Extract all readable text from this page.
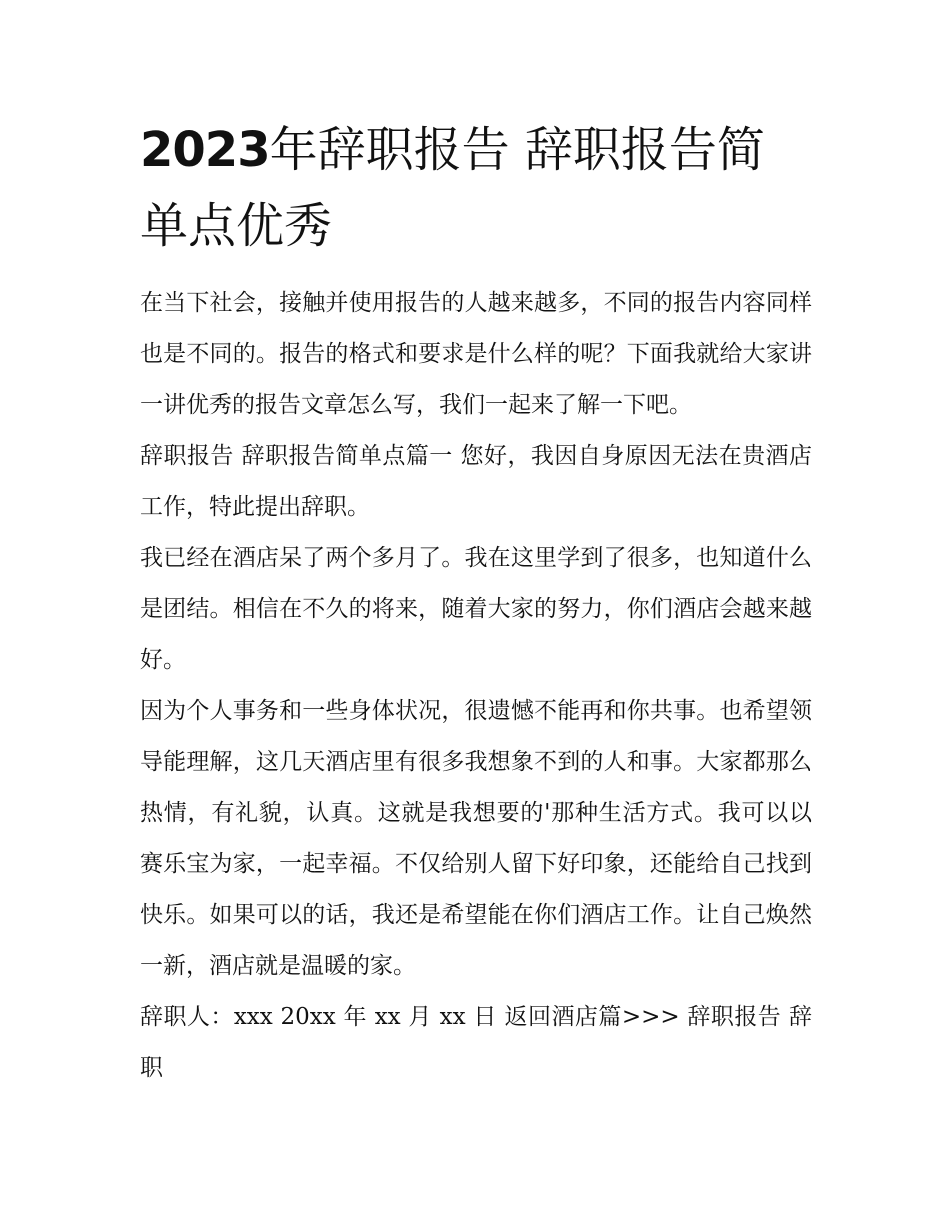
2023年辞职报告 辞职报告简单点优秀

在当下社会，接触并使用报告的人越来越多，不同的报告内容同样也是不同的。报告的格式和要求是什么样的呢？下面我就给大家讲一讲优秀的报告文章怎么写，我们一起来了解一下吧。

辞职报告 辞职报告简单点篇一 您好，我因自身原因无法在贵酒店工作，特此提出辞职。

我已经在酒店呆了两个多月了。我在这里学到了很多，也知道什么是团结。相信在不久的将来，随着大家的努力，你们酒店会越来越好。

因为个人事务和一些身体状况，很遗憾不能再和你共事。也希望领导能理解，这几天酒店里有很多我想象不到的人和事。大家都那么热情，有礼貌，认真。这就是我想要的'那种生活方式。我可以以赛乐宝为家，一起幸福。不仅给别人留下好印象，还能给自己找到快乐。如果可以的话，我还是希望能在你们酒店工作。让自己焕然一新，酒店就是温暖的家。

辞职人：xxx 20xx 年 xx 月 xx 日 返回酒店篇>>> 辞职报告 辞职
